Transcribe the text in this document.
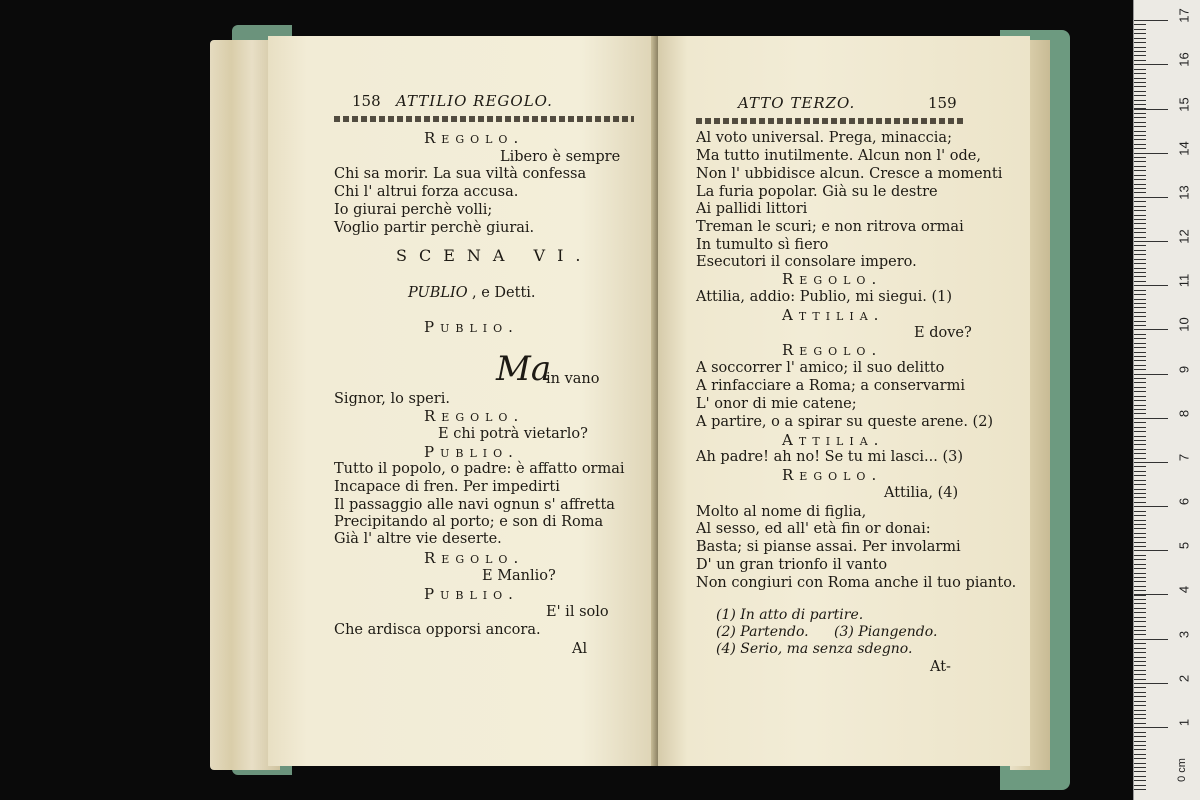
158 ATTILIO REGOLO.
Regolo.
Libero è sempre
Chi sa morir. La sua viltà confessa
Chi l' altrui forza accusa.
Io giurai perchè volli;
Voglio partir perchè giurai.
SCENA VI.
PUBLIO , e Detti.
Publio.
Ma
in vano
Signor, lo speri.
Regolo.
E chi potrà vietarlo?
Publio.
Tutto il popolo, o padre: è affatto ormai
Incapace di fren. Per impedirti
Il passaggio alle navi ognun s' affretta
Precipitando al porto; e son di Roma
Già l' altre vie deserte.
Regolo.
E Manlio?
Publio.
E' il solo
Che ardisca opporsi ancora.
Al
ATTO TERZO.	159
Al voto universal. Prega, minaccia;
Ma tutto inutilmente. Alcun non l' ode,
Non l' ubbidisce alcun. Cresce a momenti
La furia popolar. Già su le destre
Ai pallidi littori
Treman le scuri; e non ritrova ormai
In tumulto sì fiero
Esecutori il consolare impero.
Regolo.
Attilia, addio: Publio, mi siegui. (1)
Attilia.
E dove?
Regolo.
A soccorrer l' amico; il suo delitto
A rinfacciare a Roma; a conservarmi
L' onor di mie catene;
A partire, o a spirar su queste arene. (2)
Attilia.
Ah padre! ah no! Se tu mi lasci... (3)
Regolo.
Attilia, (4)
Molto al nome di figlia,
Al sesso, ed all' età fin or donai:
Basta; si pianse assai. Per involarmi
D' un gran trionfo il vanto
Non congiuri con Roma anche il tuo pianto.
(1) In atto di partire.
(2) Partendo. (3) Piangendo.
(4) Serio, ma senza sdegno.
At-
17
16
15
14
13
12
11
10
9
8
7
6
5
4
3
2
1
0 cm
